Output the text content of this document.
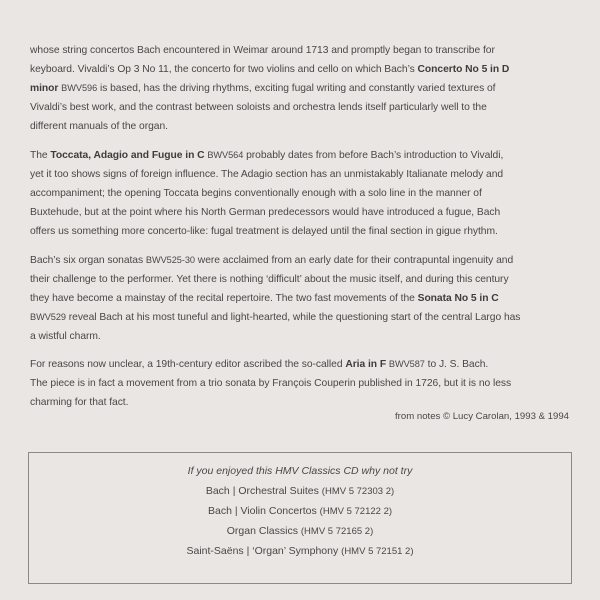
whose string concertos Bach encountered in Weimar around 1713 and promptly began to transcribe for
keyboard. Vivaldi’s Op 3 No 11, the concerto for two violins and cello on which Bach’s Concerto No 5 in D
minor BWV596 is based, has the driving rhythms, exciting fugal writing and constantly varied textures of
Vivaldi’s best work, and the contrast between soloists and orchestra lends itself particularly well to the
different manuals of the organ.
The Toccata, Adagio and Fugue in C BWV564 probably dates from before Bach’s introduction to Vivaldi,
yet it too shows signs of foreign influence. The Adagio section has an unmistakably Italianate melody and
accompaniment; the opening Toccata begins conventionally enough with a solo line in the manner of
Buxtehude, but at the point where his North German predecessors would have introduced a fugue, Bach
offers us something more concerto-like: fugal treatment is delayed until the final section in gigue rhythm.
Bach’s six organ sonatas BWV525-30 were acclaimed from an early date for their contrapuntal ingenuity and
their challenge to the performer. Yet there is nothing ‘difficult’ about the music itself, and during this century
they have become a mainstay of the recital repertoire. The two fast movements of the Sonata No 5 in C
BWV529 reveal Bach at his most tuneful and light-hearted, while the questioning start of the central Largo has
a wistful charm.
For reasons now unclear, a 19th-century editor ascribed the so-called Aria in F BWV587 to J. S. Bach.
The piece is in fact a movement from a trio sonata by François Couperin published in 1726, but it is no less
charming for that fact.
from notes © Lucy Carolan, 1993 & 1994
If you enjoyed this HMV Classics CD why not try
Bach | Orchestral Suites (HMV 5 72303 2)
Bach | Violin Concertos (HMV 5 72122 2)
Organ Classics (HMV 5 72165 2)
Saint-Saëns | ‘Organ’ Symphony (HMV 5 72151 2)
